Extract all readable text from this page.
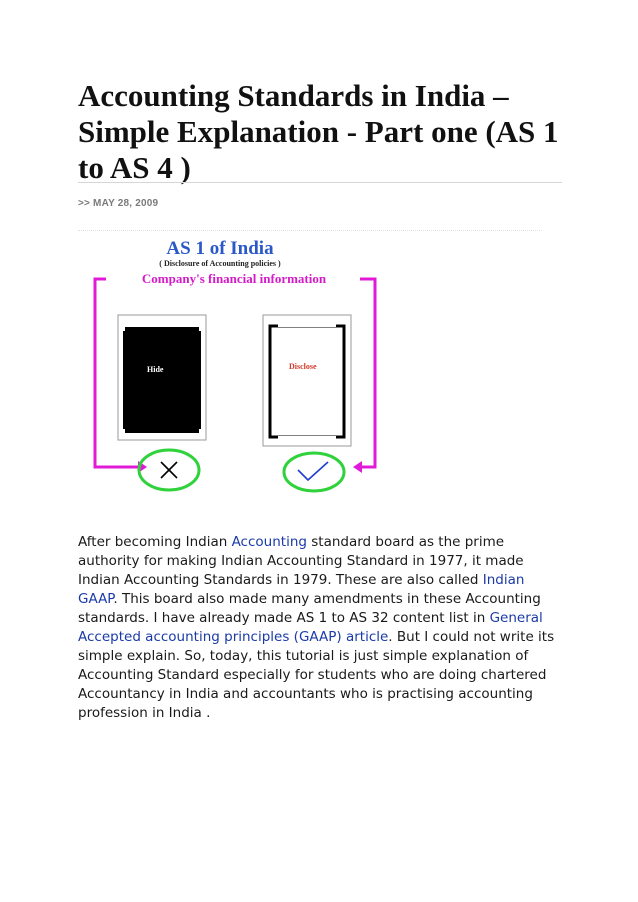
Accounting Standards in India – Simple Explanation - Part one (AS 1 to AS 4 )
>> MAY 28, 2009
AS 1 of India
( Disclosure of Accounting policies )
Company's financial information
Hide	Disclose

After becoming Indian Accounting standard board as the prime authority for making Indian Accounting Standard in 1977, it made Indian Accounting Standards in 1979. These are also called Indian GAAP. This board also made many amendments in these Accounting standards. I have already made AS 1 to AS 32 content list in General Accepted accounting principles (GAAP) article. But I could not write its simple explain. So, today, this tutorial is just simple explanation of Accounting Standard especially for students who are doing chartered Accountancy in India and accountants who is practising accounting profession in India .
